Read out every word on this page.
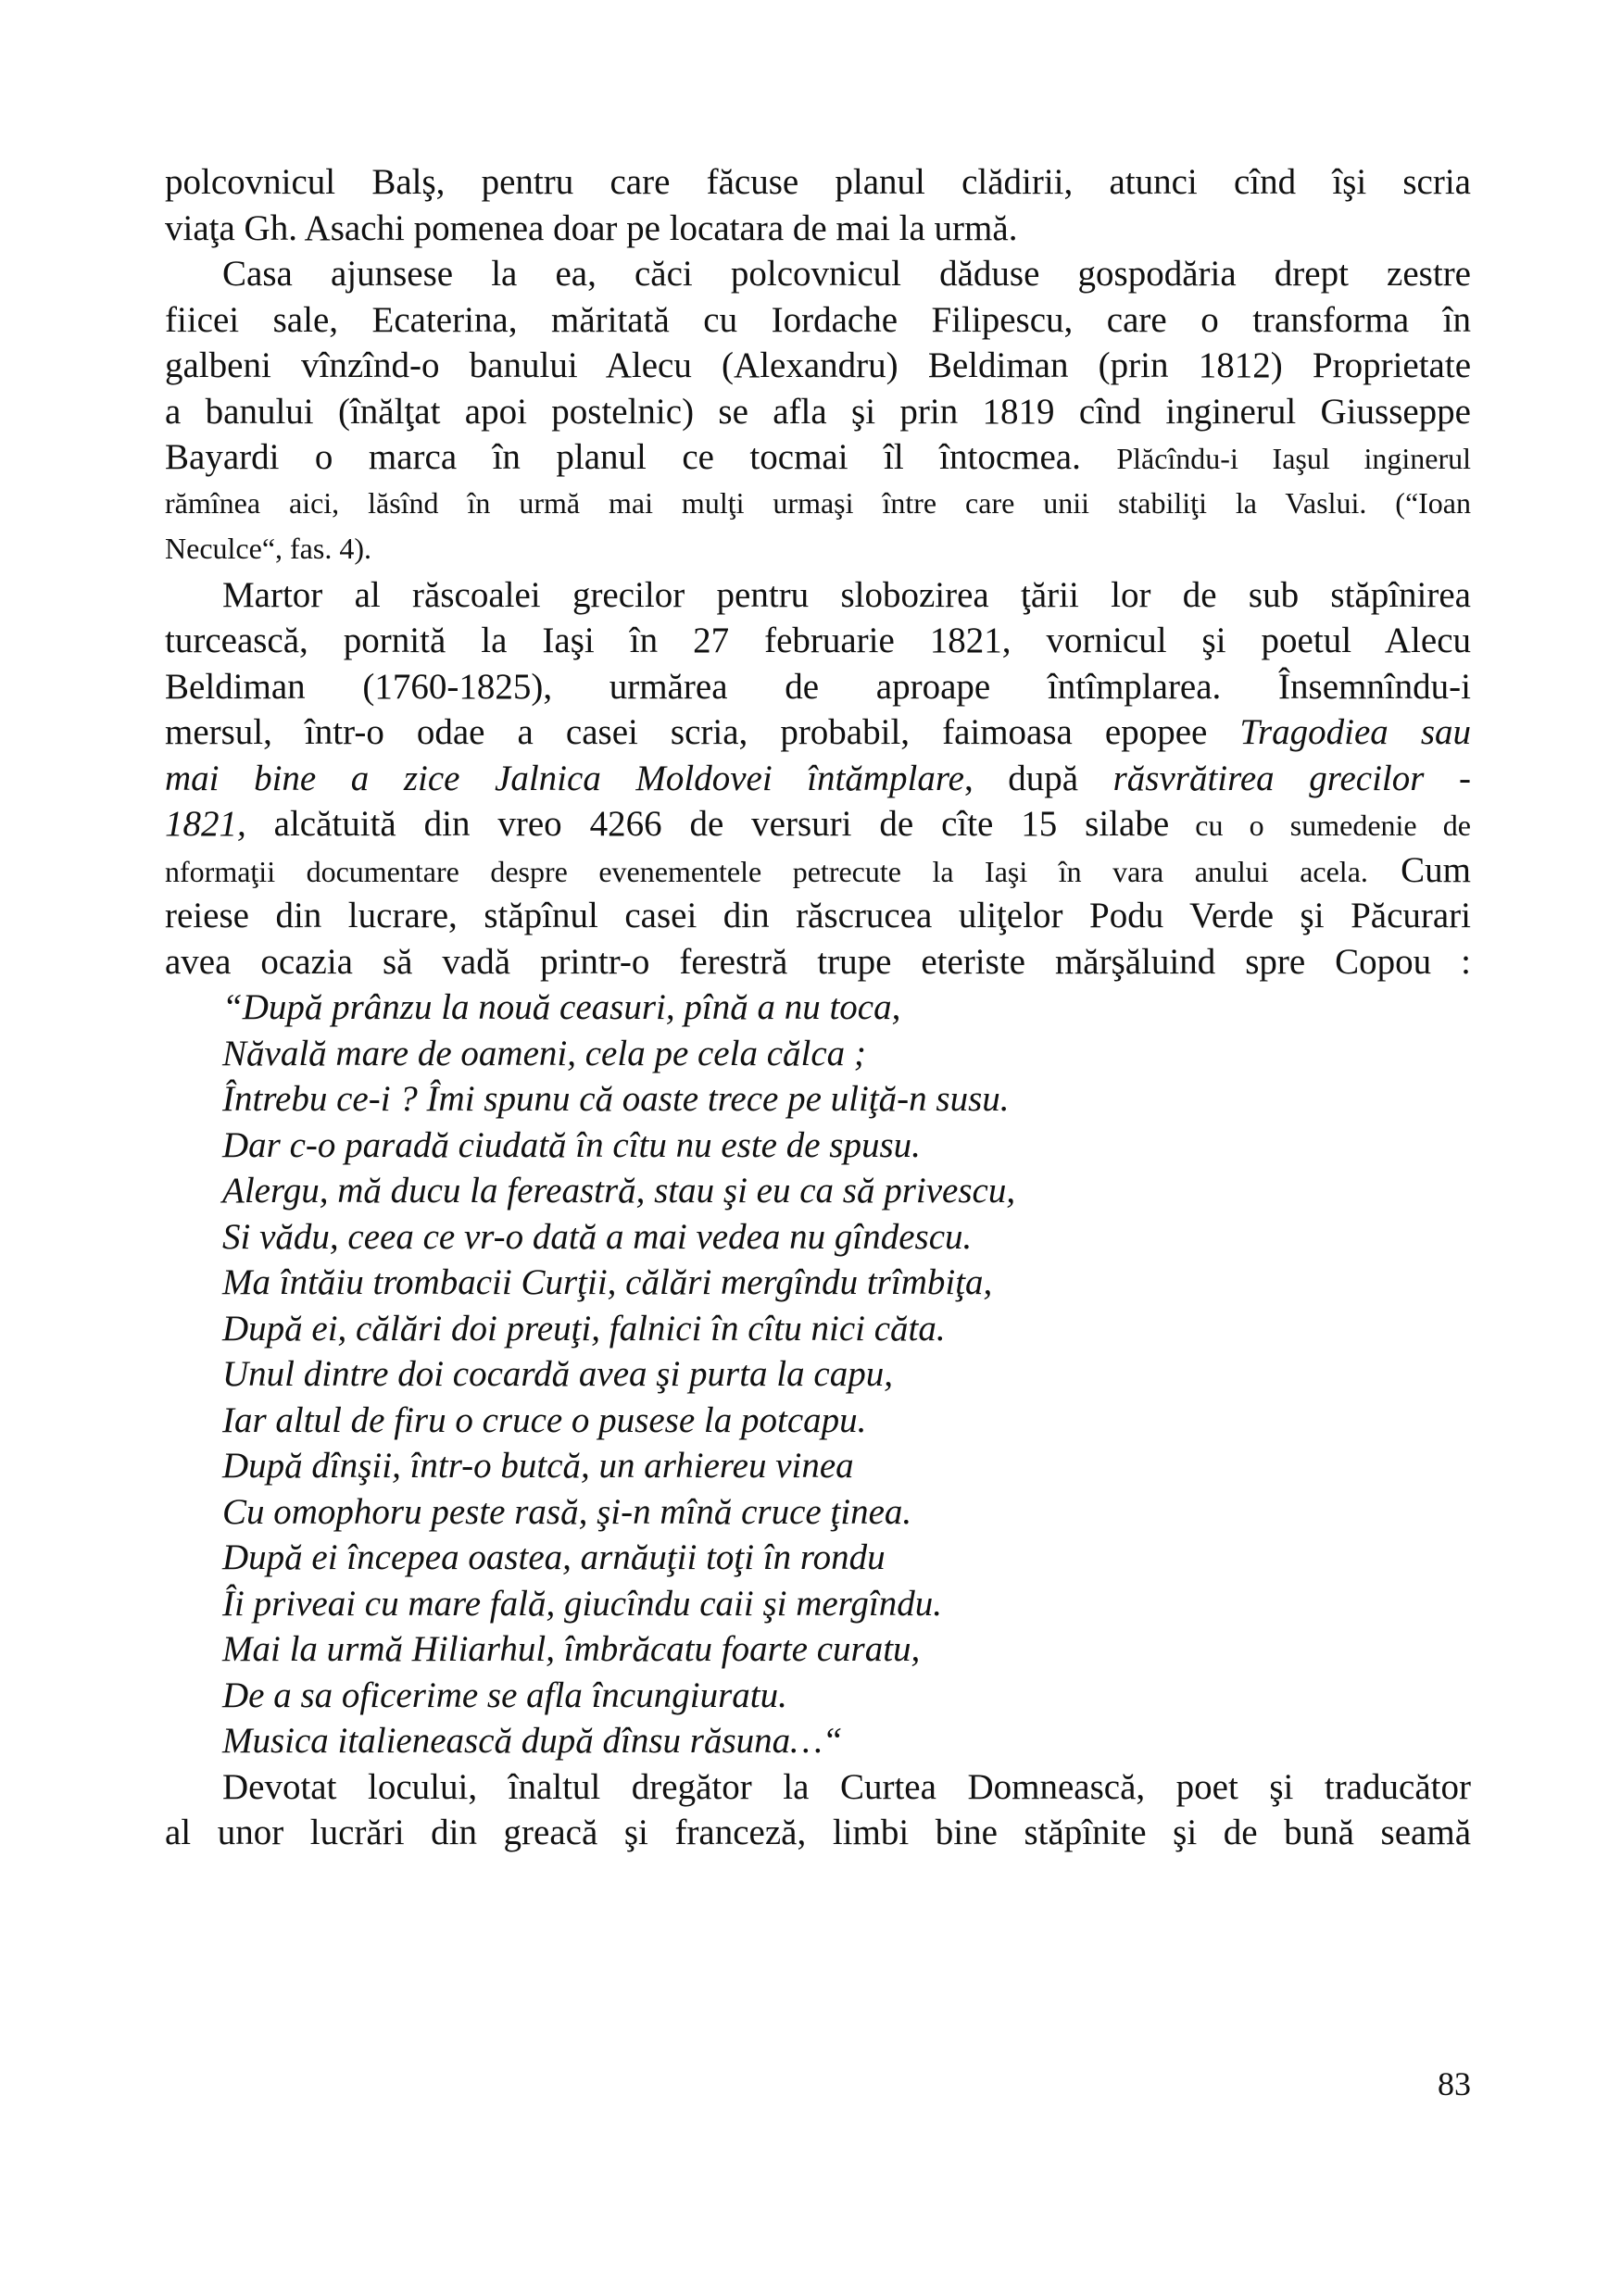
polcovnicul Balş, pentru care făcuse planul clădirii, atunci cînd îşi scria
viaţa Gh. Asachi pomenea doar pe locatara de mai la urmă.
Casa ajunsese la ea, căci polcovnicul dăduse gospodăria drept zestre
fiicei sale, Ecaterina, măritată cu Iordache Filipescu, care o transforma în
galbeni vînzînd-o banului Alecu (Alexandru) Beldiman (prin 1812) Proprietate
a banului (înălţat apoi postelnic) se afla şi prin 1819 cînd inginerul Giusseppe
Bayardi o marca în planul ce tocmai îl întocmea. Plăcîndu-i Iaşul inginerul
rămînea aici, lăsînd în urmă mai mulţi urmaşi între care unii stabiliţi la Vaslui. (“Ioan
Neculce“, fas. 4).
Martor al răscoalei grecilor pentru slobozirea ţării lor de sub stăpînirea
turcească, pornită la Iaşi în 27 februarie 1821, vornicul şi poetul Alecu
Beldiman (1760-1825), urmărea de aproape întîmplarea. Însemnîndu-i
mersul, într-o odae a casei scria, probabil, faimoasa epopee Tragodiea sau
mai bine a zice Jalnica Moldovei întămplare, după răsvrătirea grecilor -
1821, alcătuită din vreo 4266 de versuri de cîte 15 silabe cu o sumedenie de
nformaţii documentare despre evenementele petrecute la Iaşi în vara anului acela. Cum
reiese din lucrare, stăpînul casei din răscrucea uliţelor Podu Verde şi Păcurari
avea ocazia să vadă printr-o ferestră trupe eteriste mărşăluind spre Copou :
“După prânzu la nouă ceasuri, pînă a nu toca,
Năvală mare de oameni, cela pe cela călca ;
Întrebu ce-i ? Îmi spunu că oaste trece pe uliţă-n susu.
Dar c-o paradă ciudată în cîtu nu este de spusu.
Alergu, mă ducu la fereastră, stau şi eu ca să privescu,
Si vădu, ceea ce vr-o dată a mai vedea nu gîndescu.
Ma întăiu trombacii Curţii, călări mergîndu trîmbiţa,
După ei, călări doi preuţi, falnici în cîtu nici căta.
Unul dintre doi cocardă avea şi purta la capu,
Iar altul de firu o cruce o pusese la potcapu.
După dînşii, într-o butcă, un arhiereu vinea
Cu omophoru peste rasă, şi-n mînă cruce ţinea.
După ei începea oastea, arnăuţii toţi în rondu
Îi priveai cu mare fală, giucîndu caii şi mergîndu.
Mai la urmă Hiliarhul, îmbrăcatu foarte curatu,
De a sa oficerime se afla încungiuratu.
Musica italienească după dînsu răsuna…“
Devotat locului, înaltul dregător la Curtea Domnească, poet şi traducător
al unor lucrări din greacă şi franceză, limbi bine stăpînite şi de bună seamă
83
